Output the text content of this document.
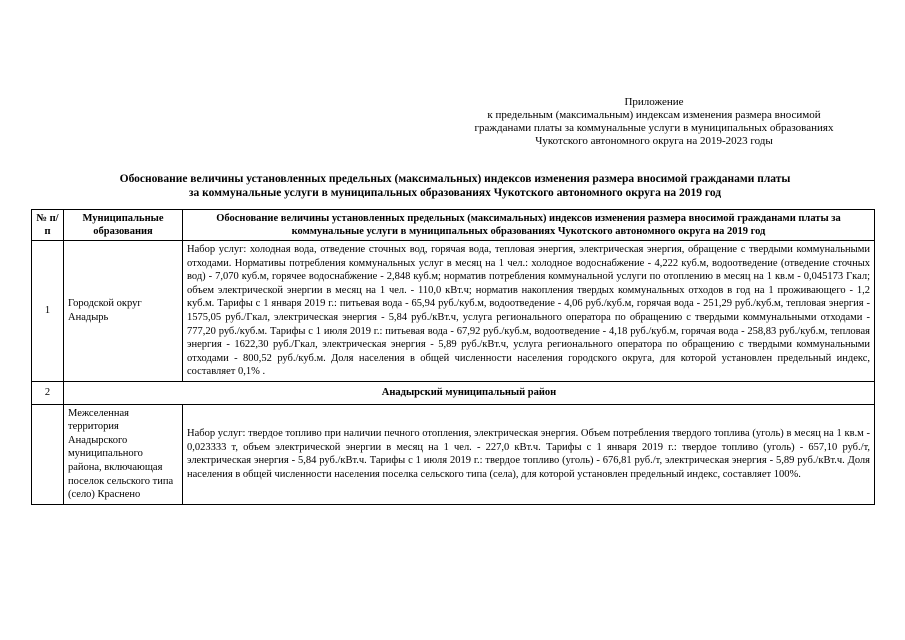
Приложение
к предельным (максимальным) индексам изменения размера вносимой
гражданами платы за коммунальные услуги в муниципальных образованиях
Чукотского автономного округа на 2019-2023 годы
Обоснование величины установленных предельных (максимальных) индексов изменения размера вносимой гражданами платы
за коммунальные услуги в муниципальных образованиях Чукотского автономного округа на 2019 год
№ п/п	Муниципальные образования	Обоснование величины установленных предельных (максимальных) индексов изменения размера вносимой гражданами платы за коммунальные услуги в муниципальных образованиях Чукотского автономного округа на 2019 год
1	Городской округ Анадырь	Набор услуг: холодная вода, отведение сточных вод, горячая вода, тепловая энергия, электрическая энергия, обращение с твердыми коммунальными отходами. Нормативы потребления коммунальных услуг в месяц на 1 чел.: холодное водоснабжение - 4,222 куб.м, водоотведение (отведение сточных вод) - 7,070 куб.м, горячее водоснабжение - 2,848 куб.м; норматив потребления коммунальной услуги по отоплению в месяц на 1 кв.м - 0,045173 Гкал; объем электрической энергии в месяц на 1 чел. - 110,0 кВт.ч; норматив накопления твердых коммунальных отходов в год на 1 проживающего - 1,2 куб.м. Тарифы с 1 января 2019 г.: питьевая вода - 65,94 руб./куб.м, водоотведение - 4,06 руб./куб.м, горячая вода - 251,29 руб./куб.м, тепловая энергия - 1575,05 руб./Гкал, электрическая энергия - 5,84 руб./кВт.ч, услуга регионального оператора по обращению с твердыми коммунальными отходами - 777,20 руб./куб.м. Тарифы с 1 июля 2019 г.: питьевая вода - 67,92 руб./куб.м, водоотведение - 4,18 руб./куб.м, горячая вода - 258,83 руб./куб.м, тепловая энергия - 1622,30 руб./Гкал, электрическая энергия - 5,89 руб./кВт.ч, услуга регионального оператора по обращению с твердыми коммунальными отходами - 800,52 руб./куб.м. Доля населения в общей численности населения городского округа, для которой установлен предельный индекс, составляет 0,1% .
2	Анадырский муниципальный район	
	Межселенная территория Анадырского муниципального района, включающая поселок сельского типа (село) Краснено	Набор услуг: твердое топливо при наличии печного отопления, электрическая энергия. Объем потребления твердого топлива (уголь) в месяц на 1 кв.м - 0,023333 т, объем электрической энергии в месяц на 1 чел. - 227,0 кВт.ч. Тарифы с 1 января 2019 г.: твердое топливо (уголь) - 657,10 руб./т, электрическая энергия - 5,84 руб./кВт.ч. Тарифы с 1 июля 2019 г.: твердое топливо (уголь) - 676,81 руб./т, электрическая энергия - 5,89 руб./кВт.ч. Доля населения в общей численности населения поселка сельского типа (села), для которой установлен предельный индекс, составляет 100%.
